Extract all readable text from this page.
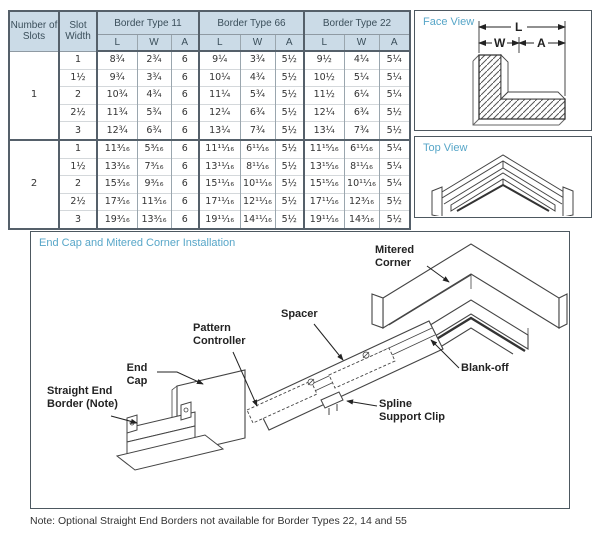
Number of Slots	Slot Width	Border Type 11			Border Type 66			Border Type 22		
		L	W	A	L	W	A	L	W	A
1	1	8¾	2¾	6	9¼	3¾	5½	9½	4¼	5¼
	1½	9¾	3¾	6	10¼	4¾	5½	10½	5¼	5¼
	2	10¾	4¾	6	11¼	5¾	5½	11½	6¼	5¼
	2½	11¾	5¾	6	12¼	6¾	5½	12¼	6¾	5½
	3	12¾	6¾	6	13¼	7¾	5½	13¼	7¾	5½
2	1	11³⁄₁₆	5³⁄₁₆	6	11¹¹⁄₁₆	6¹¹⁄₁₆	5½	11¹⁵⁄₁₆	6¹¹⁄₁₆	5¼
	1½	13³⁄₁₆	7³⁄₁₆	6	13¹¹⁄₁₆	8¹¹⁄₁₆	5½	13¹⁵⁄₁₆	8¹¹⁄₁₆	5¼
	2	15³⁄₁₆	9³⁄₁₆	6	15¹¹⁄₁₆	10¹¹⁄₁₆	5½	15¹⁵⁄₁₆	10¹¹⁄₁₆	5¼
	2½	17³⁄₁₆	11³⁄₁₆	6	17¹¹⁄₁₆	12¹¹⁄₁₆	5½	17¹¹⁄₁₆	12³⁄₁₆	5½
	3	19³⁄₁₆	13³⁄₁₆	6	19¹¹⁄₁₆	14¹¹⁄₁₆	5½	19¹¹⁄₁₆	14³⁄₁₆	5½
Face View	L
W	A
Top View
End Cap and Mitered Corner Installation
Mitered Corner
Spacer
Pattern Controller
End Cap
Straight End Border (Note)
Blank-off
Spline Support Clip
Note: Optional Straight End Borders not available for Border Types 22, 14 and 55
